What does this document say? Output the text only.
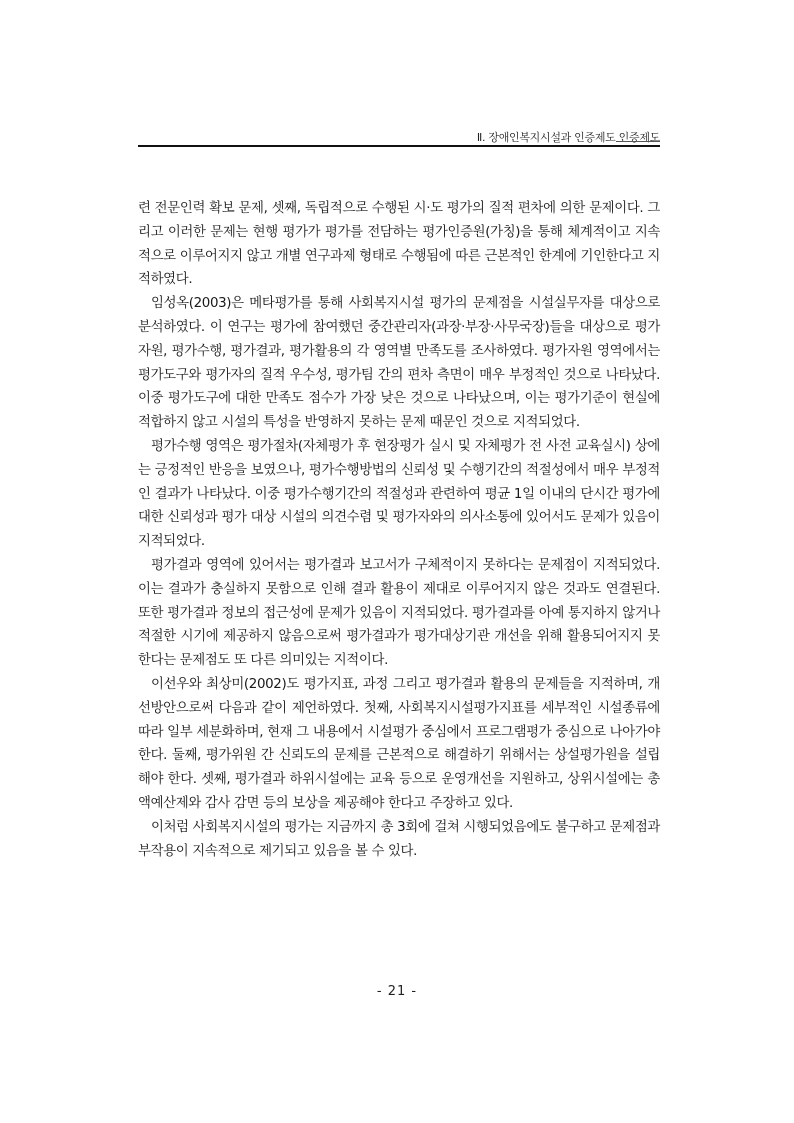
Ⅱ. 장애인복지시설과 인증제도 인증제도

련 전문인력 확보 문제, 셋째, 독립적으로 수행된 시‧도 평가의 질적 편차에 의한 문제이다. 그리고 이러한 문제는 현행 평가가 평가를 전담하는 평가인증원(가칭)을 통해 체계적이고 지속적으로 이루어지지 않고 개별 연구과제 형태로 수행됨에 따른 근본적인 한계에 기인한다고 지적하였다.

임성옥(2003)은 메타평가를 통해 사회복지시설 평가의 문제점을 시설실무자를 대상으로 분석하였다. 이 연구는 평가에 참여했던 중간관리자(과장‧부장‧사무국장)들을 대상으로 평가자원, 평가수행, 평가결과, 평가활용의 각 영역별 만족도를 조사하였다. 평가자원 영역에서는 평가도구와 평가자의 질적 우수성, 평가팀 간의 편차 측면이 매우 부정적인 것으로 나타났다. 이중 평가도구에 대한 만족도 점수가 가장 낮은 것으로 나타났으며, 이는 평가기준이 현실에 적합하지 않고 시설의 특성을 반영하지 못하는 문제 때문인 것으로 지적되었다.

평가수행 영역은 평가절차(자체평가 후 현장평가 실시 및 자체평가 전 사전 교육실시) 상에는 긍정적인 반응을 보였으나, 평가수행방법의 신뢰성 및 수행기간의 적절성에서 매우 부정적인 결과가 나타났다. 이중 평가수행기간의 적절성과 관련하여 평균 1일 이내의 단시간 평가에 대한 신뢰성과 평가 대상 시설의 의견수렴 및 평가자와의 의사소통에 있어서도 문제가 있음이 지적되었다.

평가결과 영역에 있어서는 평가결과 보고서가 구체적이지 못하다는 문제점이 지적되었다. 이는 결과가 충실하지 못함으로 인해 결과 활용이 제대로 이루어지지 않은 것과도 연결된다. 또한 평가결과 정보의 접근성에 문제가 있음이 지적되었다. 평가결과를 아예 통지하지 않거나 적절한 시기에 제공하지 않음으로써 평가결과가 평가대상기관 개선을 위해 활용되어지지 못한다는 문제점도 또 다른 의미있는 지적이다.

이선우와 최상미(2002)도 평가지표, 과정 그리고 평가결과 활용의 문제들을 지적하며, 개선방안으로써 다음과 같이 제언하였다. 첫째, 사회복지시설평가지표를 세부적인 시설종류에 따라 일부 세분화하며, 현재 그 내용에서 시설평가 중심에서 프로그램평가 중심으로 나아가야 한다. 둘째, 평가위원 간 신뢰도의 문제를 근본적으로 해결하기 위해서는 상설평가원을 설립해야 한다. 셋째, 평가결과 하위시설에는 교육 등으로 운영개선을 지원하고, 상위시설에는 총액예산제와 감사 감면 등의 보상을 제공해야 한다고 주장하고 있다.

이처럼 사회복지시설의 평가는 지금까지 총 3회에 걸쳐 시행되었음에도 불구하고 문제점과 부작용이 지속적으로 제기되고 있음을 볼 수 있다.

- 21 -
